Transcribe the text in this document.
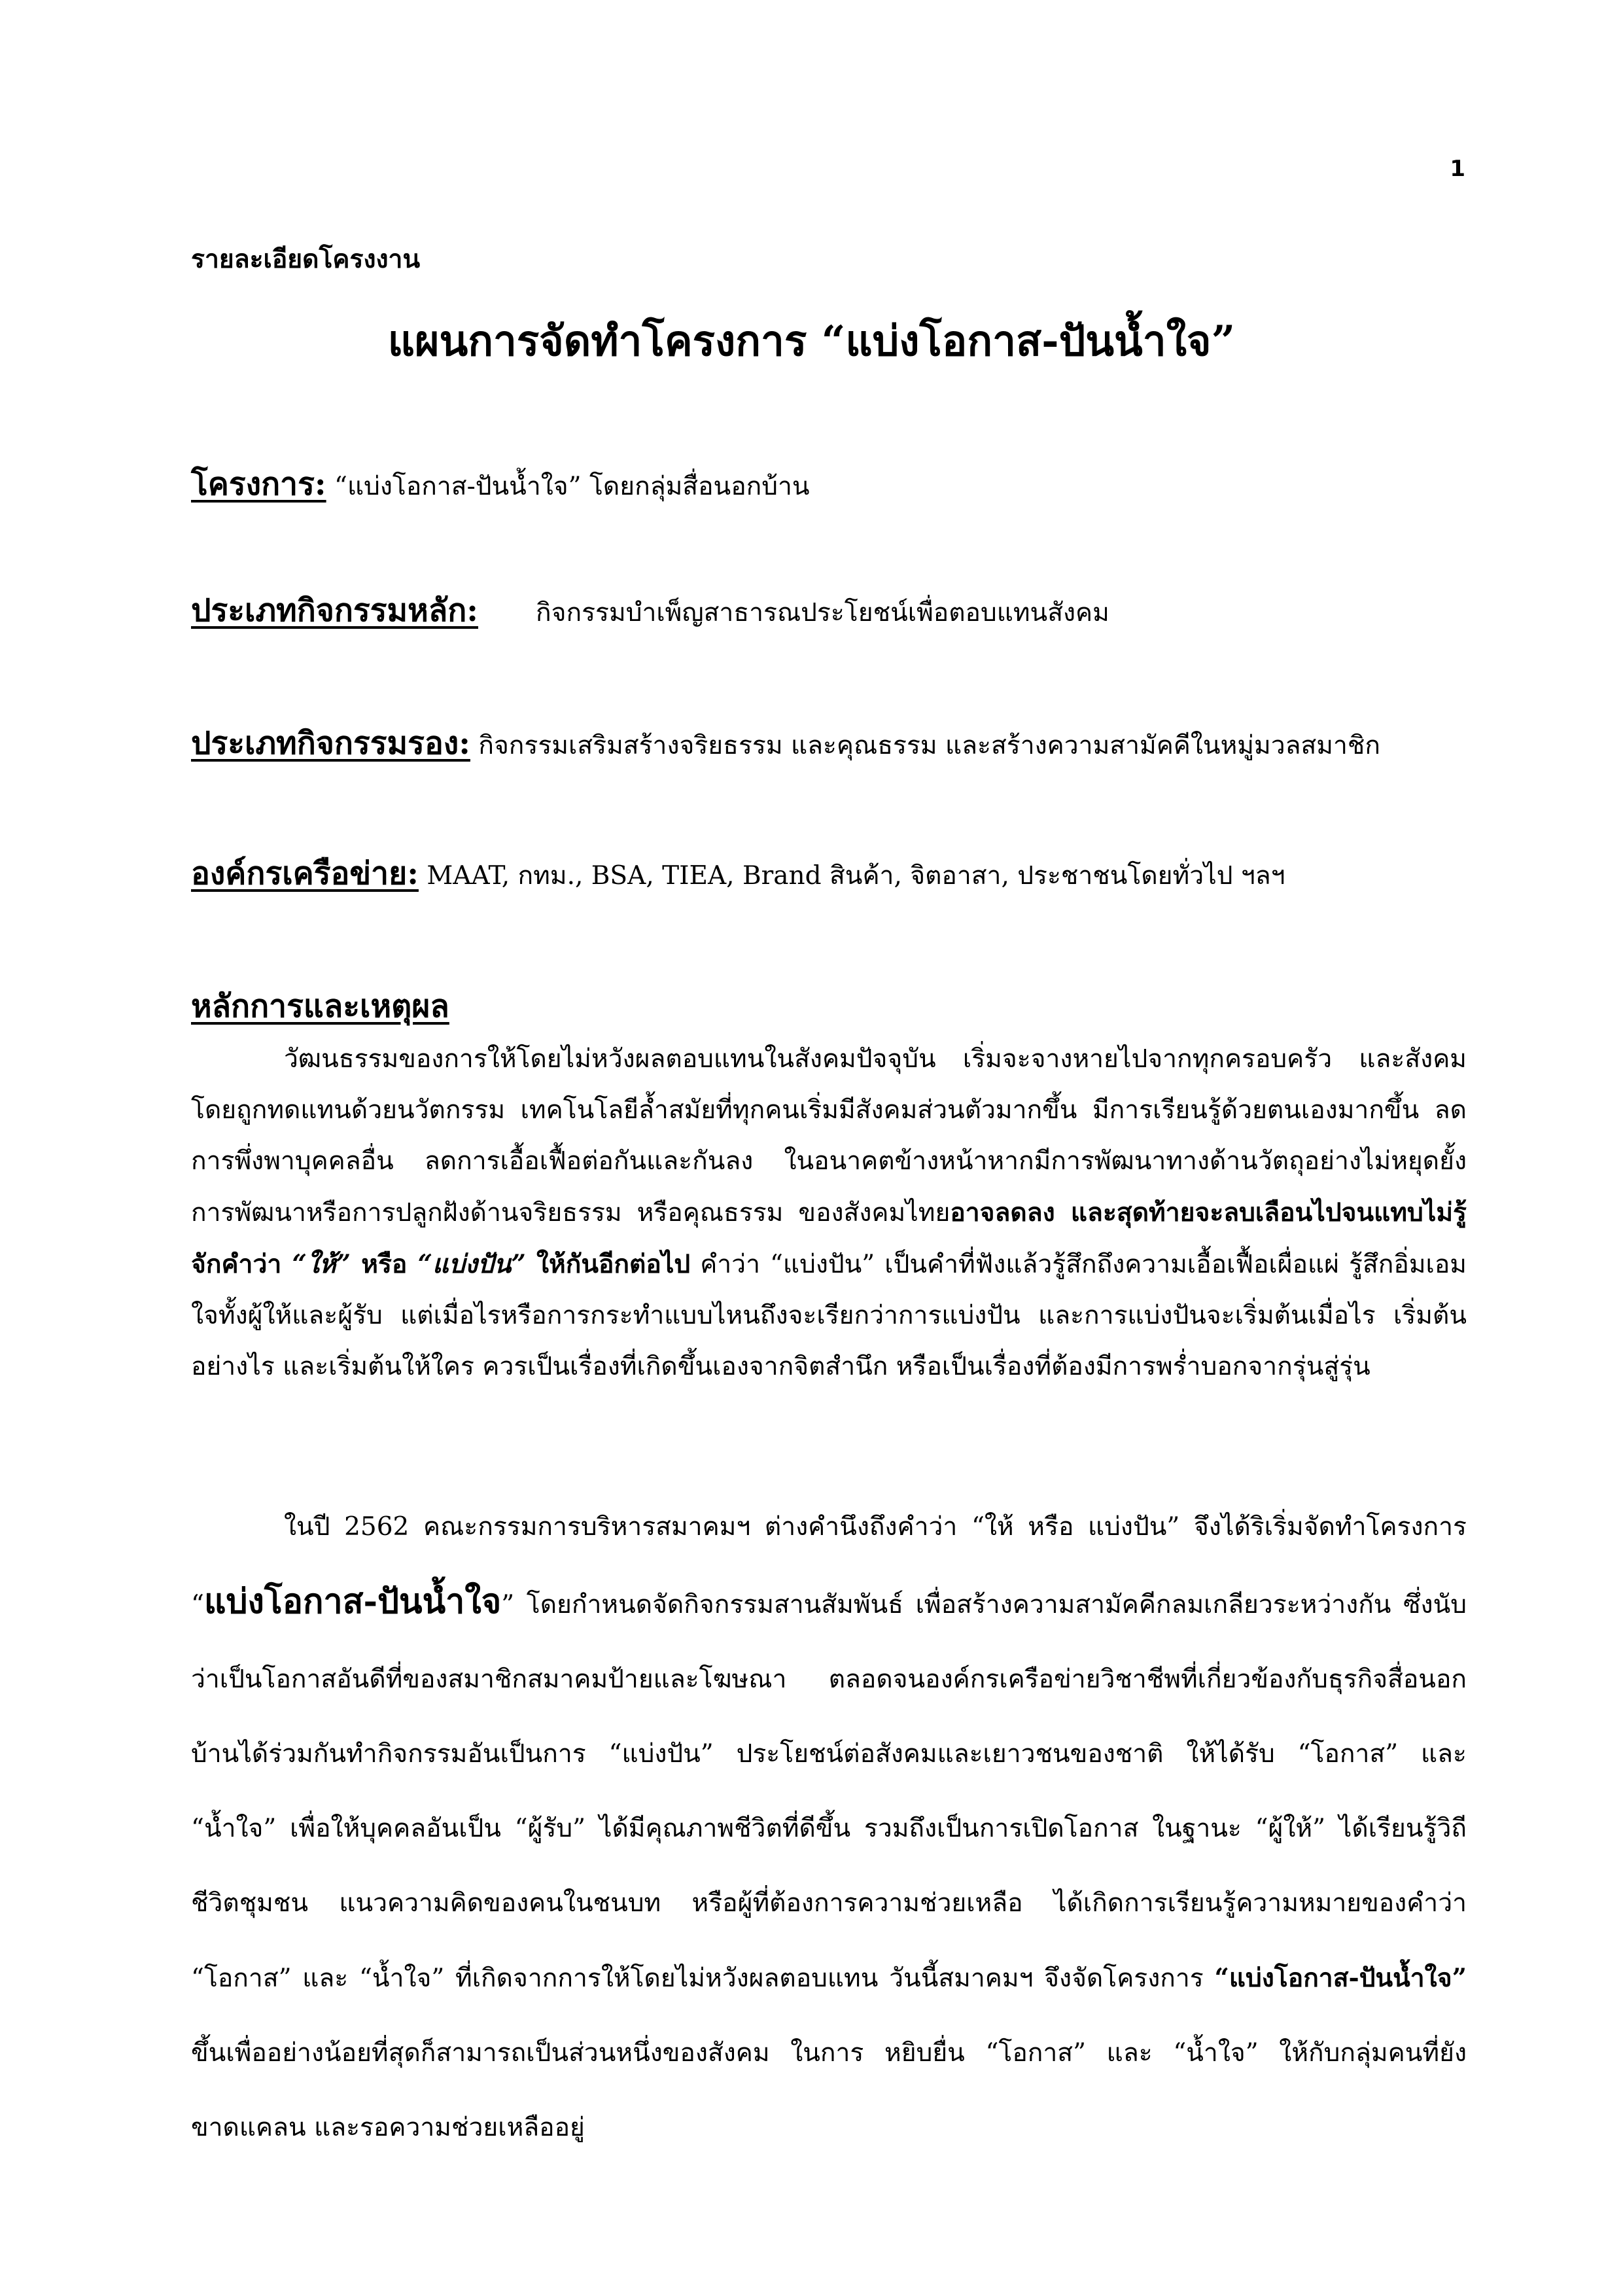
1
รายละเอียดโครงงาน
แผนการจัดทำโครงการ “แบ่งโอกาส-ปันน้ำใจ”
โครงการ: “แบ่งโอกาส-ปันน้ำใจ” โดยกลุ่มสื่อนอกบ้าน
ประเภทกิจกรรมหลัก: กิจกรรมบำเพ็ญสาธารณประโยชน์เพื่อตอบแทนสังคม
ประเภทกิจกรรมรอง: กิจกรรมเสริมสร้างจริยธรรม และคุณธรรม และสร้างความสามัคคีในหมู่มวลสมาชิก
องค์กรเครือข่าย: MAAT, กทม., BSA, TIEA, Brand สินค้า, จิตอาสา, ประชาชนโดยทั่วไป ฯลฯ
หลักการและเหตุผล

วัฒนธรรมของการให้โดยไม่หวังผลตอบแทนในสังคมปัจจุบัน เริ่มจะจางหายไปจากทุกครอบครัว และสังคม โดยถูกทดแทนด้วยนวัตกรรม เทคโนโลยีล้ำสมัยที่ทุกคนเริ่มมีสังคมส่วนตัวมากขึ้น มีการเรียนรู้ด้วยตนเองมากขึ้น ลดการพึ่งพาบุคคลอื่น ลดการเอื้อเฟื้อต่อกันและกันลง ในอนาคตข้างหน้าหากมีการพัฒนาทางด้านวัตถุอย่างไม่หยุดยั้ง การพัฒนาหรือการปลูกฝังด้านจริยธรรม หรือคุณธรรม ของสังคมไทยอาจลดลง และสุดท้ายจะลบเลือนไปจนแทบไม่รู้จักคำว่า “ให้” หรือ “แบ่งปัน” ให้กันอีกต่อไป คำว่า “แบ่งปัน” เป็นคำที่ฟังแล้วรู้สึกถึงความเอื้อเฟื้อเผื่อแผ่ รู้สึกอิ่มเอมใจทั้งผู้ให้และผู้รับ แต่เมื่อไรหรือการกระทำแบบไหนถึงจะเรียกว่าการแบ่งปัน และการแบ่งปันจะเริ่มต้นเมื่อไร เริ่มต้นอย่างไร และเริ่มต้นให้ใคร ควรเป็นเรื่องที่เกิดขึ้นเองจากจิตสำนึก หรือเป็นเรื่องที่ต้องมีการพร่ำบอกจากรุ่นสู่รุ่น

ในปี 2562 คณะกรรมการบริหารสมาคมฯ ต่างคำนึงถึงคำว่า “ให้ หรือ แบ่งปัน” จึงได้ริเริ่มจัดทำโครงการ “แบ่งโอกาส-ปันน้ำใจ” โดยกำหนดจัดกิจกรรมสานสัมพันธ์ เพื่อสร้างความสามัคคีกลมเกลียวระหว่างกัน ซึ่งนับว่าเป็นโอกาสอันดีที่ของสมาชิกสมาคมป้ายและโฆษณา ตลอดจนองค์กรเครือข่ายวิชาชีพที่เกี่ยวข้องกับธุรกิจสื่อนอกบ้านได้ร่วมกันทำกิจกรรมอันเป็นการ “แบ่งปัน” ประโยชน์ต่อสังคมและเยาวชนของชาติ ให้ได้รับ “โอกาส” และ “น้ำใจ” เพื่อให้บุคคลอันเป็น “ผู้รับ” ได้มีคุณภาพชีวิตที่ดีขึ้น รวมถึงเป็นการเปิดโอกาส ในฐานะ “ผู้ให้” ได้เรียนรู้วิถี ชีวิตชุมชน แนวความคิดของคนในชนบท หรือผู้ที่ต้องการความช่วยเหลือ ได้เกิดการเรียนรู้ความหมายของคำว่า “โอกาส” และ “น้ำใจ” ที่เกิดจากการให้โดยไม่หวังผลตอบแทน วันนี้สมาคมฯ จึงจัดโครงการ “แบ่งโอกาส-ปันน้ำใจ” ขึ้นเพื่ออย่างน้อยที่สุดก็สามารถเป็นส่วนหนึ่งของสังคม ในการ หยิบยื่น “โอกาส” และ “น้ำใจ” ให้กับกลุ่มคนที่ยังขาดแคลน และรอความช่วยเหลืออยู่
